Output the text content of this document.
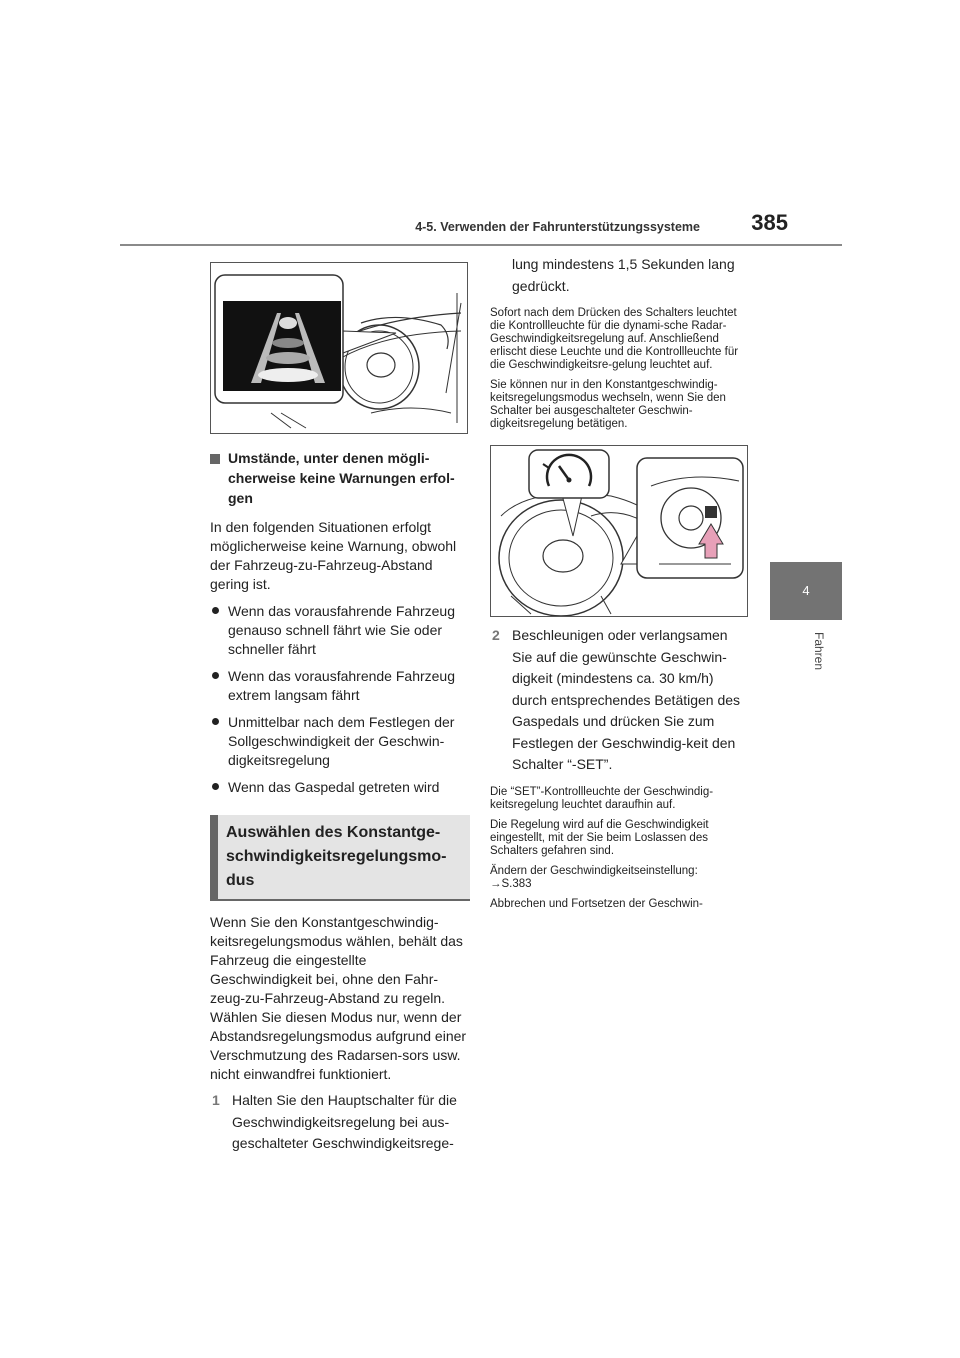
4-5. Verwenden der Fahrunterstützungssysteme	385
4
Fahren
Umstände, unter denen mögli-cherweise keine Warnungen erfol-gen
In den folgenden Situationen erfolgt möglicherweise keine Warnung, obwohl der Fahrzeug-zu-Fahrzeug-Abstand gering ist.
Wenn das vorausfahrende Fahrzeug genauso schnell fährt wie Sie oder schneller fährt
Wenn das vorausfahrende Fahrzeug extrem langsam fährt
Unmittelbar nach dem Festlegen der Sollgeschwindigkeit der Geschwin-digkeitsregelung
Wenn das Gaspedal getreten wird
Auswählen des Konstantge-schwindigkeitsregelungsmo-dus
Wenn Sie den Konstantgeschwindig-keitsregelungsmodus wählen, behält das Fahrzeug die eingestellte Geschwindigkeit bei, ohne den Fahr-zeug-zu-Fahrzeug-Abstand zu regeln. Wählen Sie diesen Modus nur, wenn der Abstandsregelungsmodus aufgrund einer Verschmutzung des Radarsen-sors usw. nicht einwandfrei funktioniert.
1 Halten Sie den Hauptschalter für die Geschwindigkeitsregelung bei aus-geschalteter Geschwindigkeitsrege-
lung mindestens 1,5 Sekunden lang gedrückt.
Sofort nach dem Drücken des Schalters leuchtet die Kontrollleuchte für die dynami-sche Radar-Geschwindigkeitsregelung auf. Anschließend erlischt diese Leuchte und die Kontrollleuchte für die Geschwindigkeitsre-gelung leuchtet auf.
Sie können nur in den Konstantgeschwindig-keitsregelungsmodus wechseln, wenn Sie den Schalter bei ausgeschalteter Geschwin-digkeitsregelung betätigen.
2 Beschleunigen oder verlangsamen Sie auf die gewünschte Geschwin-digkeit (mindestens ca. 30 km/h) durch entsprechendes Betätigen des Gaspedals und drücken Sie zum Festlegen der Geschwindig-keit den Schalter “-SET”.
Die “SET”-Kontrollleuchte der Geschwindig-keitsregelung leuchtet daraufhin auf.
Die Regelung wird auf die Geschwindigkeit eingestellt, mit der Sie beim Loslassen des Schalters gefahren sind.
Ändern der Geschwindigkeitseinstellung:
→S.383
Abbrechen und Fortsetzen der Geschwin-
